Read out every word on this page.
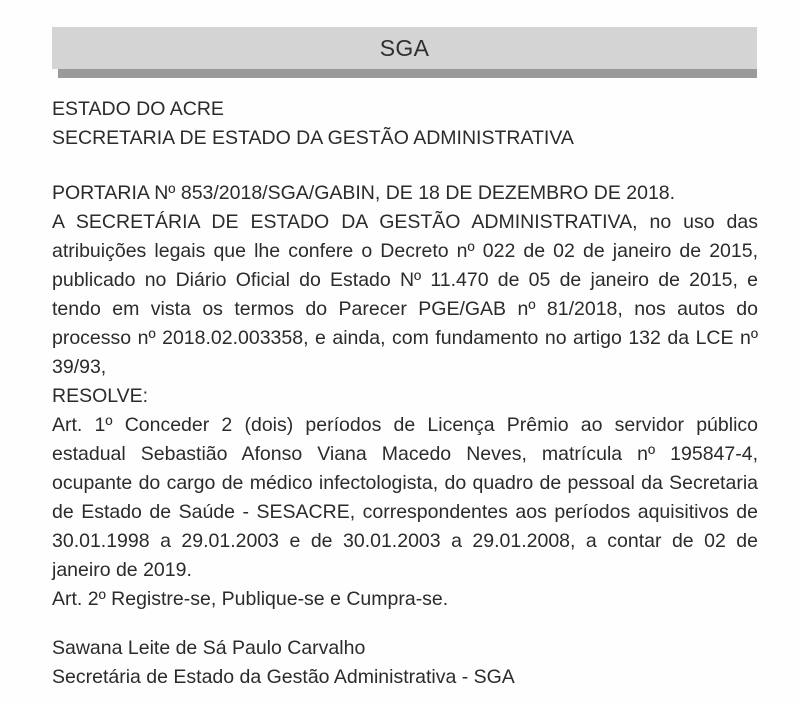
SGA
ESTADO DO ACRE
SECRETARIA DE ESTADO DA GESTÃO ADMINISTRATIVA
PORTARIA Nº 853/2018/SGA/GABIN, DE 18 DE DEZEMBRO DE 2018.

A SECRETÁRIA DE ESTADO DA GESTÃO ADMINISTRATIVA, no uso das atribuições legais que lhe confere o Decreto nº 022 de 02 de janeiro de 2015, publicado no Diário Oficial do Estado Nº 11.470 de 05 de janeiro de 2015, e tendo em vista os termos do Parecer PGE/GAB nº 81/2018, nos autos do processo nº 2018.02.003358, e ainda, com fundamento no artigo 132 da LCE nº 39/93,

RESOLVE:

Art. 1º Conceder 2 (dois) períodos de Licença Prêmio ao servidor público estadual Sebastião Afonso Viana Macedo Neves, matrícula nº 195847-4, ocupante do cargo de médico infectologista, do quadro de pessoal da Secretaria de Estado de Saúde - SESACRE, correspondentes aos períodos aquisitivos de 30.01.1998 a 29.01.2003 e de 30.01.2003 a 29.01.2008, a contar de 02 de janeiro de 2019.

Art. 2º Registre-se, Publique-se e Cumpra-se.

Sawana Leite de Sá Paulo Carvalho
Secretária de Estado da Gestão Administrativa - SGA
